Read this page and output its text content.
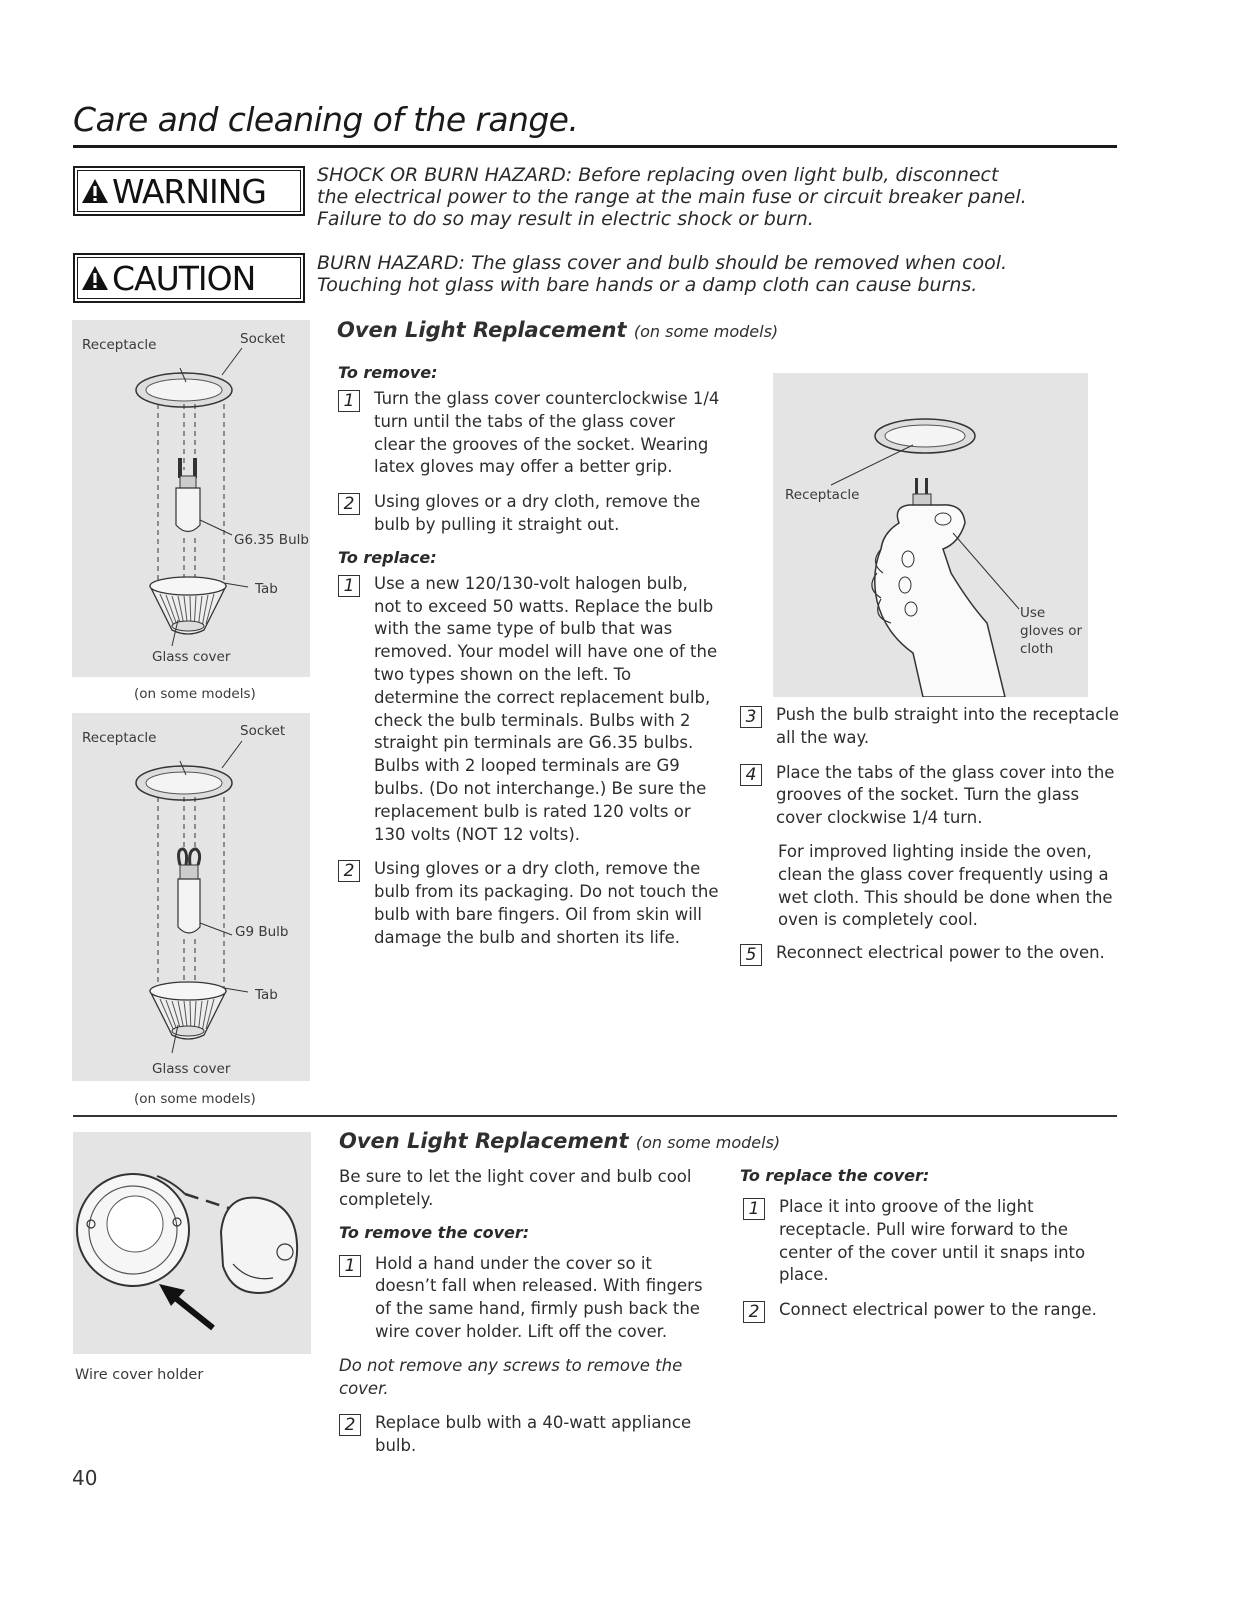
Care and cleaning of the range.
WARNING	SHOCK OR BURN HAZARD: Before replacing oven light bulb, disconnect
the electrical power to the range at the main fuse or circuit breaker panel.
Failure to do so may result in electric shock or burn.
CAUTION	BURN HAZARD: The glass cover and bulb should be removed when cool.
Touching hot glass with bare hands or a damp cloth can cause burns.
Receptacle	Socket
G6.35 Bulb
Tab
Glass cover
(on some models)
Receptacle	Socket
G9 Bulb
Tab
Glass cover
(on some models)
Oven Light Replacement (on some models)
To remove:
1	Turn the glass cover counterclockwise 1/4 turn until the tabs of the glass cover clear the grooves of the socket. Wearing latex gloves may offer a better grip.
2	Using gloves or a dry cloth, remove the bulb by pulling it straight out.
To replace:
1	Use a new 120/130-volt halogen bulb, not to exceed 50 watts. Replace the bulb with the same type of bulb that was removed. Your model will have one of the two types shown on the left. To determine the correct replacement bulb, check the bulb terminals. Bulbs with 2 straight pin terminals are G6.35 bulbs. Bulbs with 2 looped terminals are G9 bulbs. (Do not interchange.) Be sure the replacement bulb is rated 120 volts or 130 volts (NOT 12 volts).
2	Using gloves or a dry cloth, remove the bulb from its packaging. Do not touch the bulb with bare fingers. Oil from skin will damage the bulb and shorten its life.
Receptacle
Use
gloves or
cloth
3	Push the bulb straight into the receptacle all the way.
4	Place the tabs of the glass cover into the grooves of the socket. Turn the glass cover clockwise 1/4 turn.
For improved lighting inside the oven, clean the glass cover frequently using a wet cloth. This should be done when the oven is completely cool.
5	Reconnect electrical power to the oven.
Wire cover holder
Oven Light Replacement (on some models)
Be sure to let the light cover and bulb cool completely.
To remove the cover:
1	Hold a hand under the cover so it doesn’t fall when released. With fingers of the same hand, firmly push back the wire cover holder. Lift off the cover.
Do not remove any screws to remove the cover.
2	Replace bulb with a 40-watt appliance bulb.
To replace the cover:
1	Place it into groove of the light receptacle. Pull wire forward to the center of the cover until it snaps into place.
2	Connect electrical power to the range.
40
